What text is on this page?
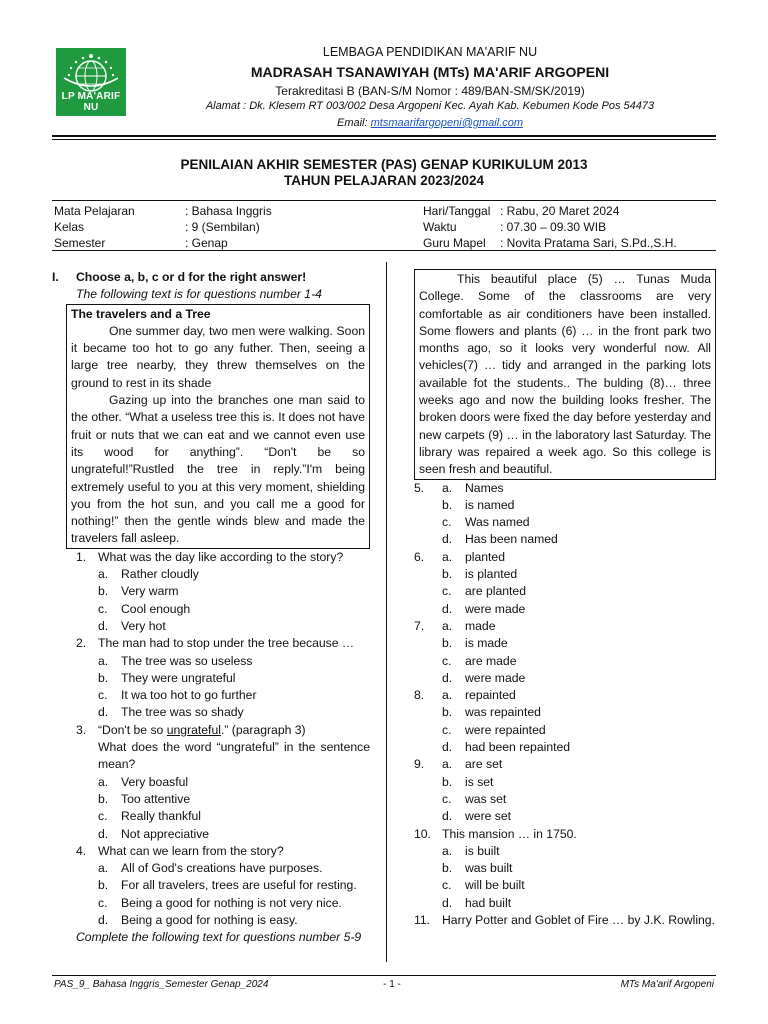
LP MA'ARIF NU
LEMBAGA PENDIDIKAN MA'ARIF NU
MADRASAH TSANAWIYAH (MTs) MA'ARIF ARGOPENI
Terakreditasi B (BAN-S/M Nomor : 489/BAN-SM/SK/2019)
Alamat : Dk. Klesem RT 003/002 Desa Argopeni Kec. Ayah Kab. Kebumen Kode Pos 54473
Email: mtsmaarifargopeni@gmail.com
PENILAIAN AKHIR SEMESTER (PAS) GENAP KURIKULUM 2013
TAHUN PELAJARAN 2023/2024
Mata Pelajaran
Kelas
Semester
: Bahasa Inggris
: 9 (Sembilan)
: Genap
Hari/Tanggal
Waktu
Guru Mapel
: Rabu, 20 Maret 2024
: 07.30 – 09.30 WIB
: Novita Pratama Sari, S.Pd.,S.H.
I. Choose a, b, c or d for the right answer!
The following text is for questions number 1-4
The travelers and a Tree

One summer day, two men were walking. Soon it became too hot to go any futher. Then, seeing a large tree nearby, they threw themselves on the ground to rest in its shade

Gazing up into the branches one man said to the other. “What a useless tree this is. It does not have fruit or nuts that we can eat and we cannot even use its wood for anything”. “Don't be so ungrateful!”Rustled the tree in reply.”I'm being extremely useful to you at this very moment, shielding you from the hot sun, and you call me a good for nothing!” then the gentle winds blew and made the travelers fall asleep.

1. What was the day like according to the story?
a. Rather cloudly
b. Very warm
c. Cool enough
d. Very hot
2. The man had to stop under the tree because …
a. The tree was so useless
b. They were ungrateful
c. It wa too hot to go further
d. The tree was so shady
3. “Don't be so ungrateful.” (paragraph 3)
What does the word “ungrateful” in the sentence mean?
a. Very boasful
b. Too attentive
c. Really thankful
d. Not appreciative
4. What can we learn from the story?
a. All of God's creations have purposes.
b. For all travelers, trees are useful for resting.
c. Being a good for nothing is not very nice.
d. Being a good for nothing is easy.
Complete the following text for questions number 5-9

This beautiful place (5) … Tunas Muda College. Some of the classrooms are very comfortable as air conditioners have been installed. Some flowers and plants (6) … in the front park two months ago, so it looks very wonderful now. All vehicles(7) … tidy and arranged in the parking lots available fot the students.. The bulding (8)… three weeks ago and now the building looks fresher. The broken doors were fixed the day before yesterday and new carpets (9) … in the laboratory last Saturday. The library was repaired a week ago. So this college is seen fresh and beautiful.

5. a. Names
b. is named
c. Was named
d. Has been named
6. a. planted
b. is planted
c. are planted
d. were made
7. a. made
b. is made
c. are made
d. were made
8. a. repainted
b. was repainted
c. were repainted
d. had been repainted
9. a. are set
b. is set
c. was set
d. were set
10. This mansion … in 1750.
a. is built
b. was built
c. will be built
d. had built
11. Harry Potter and Goblet of Fire … by J.K. Rowling.
PAS_9_ Bahasa Inggris_Semester Genap_2024	- 1 -	MTs Ma'arif Argopeni
